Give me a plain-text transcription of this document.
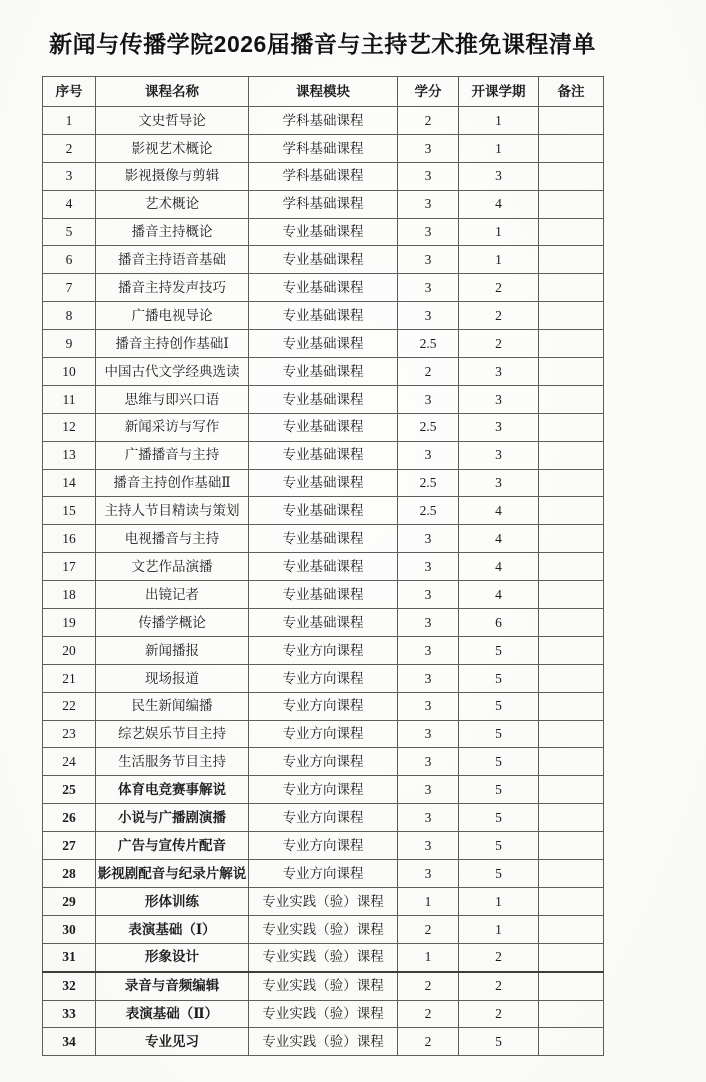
新闻与传播学院2026届播音与主持艺术推免课程清单
序号	课程名称	课程模块	学分	开课学期	备注
1	文史哲导论	学科基础课程	2	1	
2	影视艺术概论	学科基础课程	3	1	
3	影视摄像与剪辑	学科基础课程	3	3	
4	艺术概论	学科基础课程	3	4	
5	播音主持概论	专业基础课程	3	1	
6	播音主持语音基础	专业基础课程	3	1	
7	播音主持发声技巧	专业基础课程	3	2	
8	广播电视导论	专业基础课程	3	2	
9	播音主持创作基础Ⅰ	专业基础课程	2.5	2	
10	中国古代文学经典选读	专业基础课程	2	3	
11	思维与即兴口语	专业基础课程	3	3	
12	新闻采访与写作	专业基础课程	2.5	3	
13	广播播音与主持	专业基础课程	3	3	
14	播音主持创作基础Ⅱ	专业基础课程	2.5	3	
15	主持人节目精读与策划	专业基础课程	2.5	4	
16	电视播音与主持	专业基础课程	3	4	
17	文艺作品演播	专业基础课程	3	4	
18	出镜记者	专业基础课程	3	4	
19	传播学概论	专业基础课程	3	6	
20	新闻播报	专业方向课程	3	5	
21	现场报道	专业方向课程	3	5	
22	民生新闻编播	专业方向课程	3	5	
23	综艺娱乐节目主持	专业方向课程	3	5	
24	生活服务节目主持	专业方向课程	3	5	
25	体育电竞赛事解说	专业方向课程	3	5	
26	小说与广播剧演播	专业方向课程	3	5	
27	广告与宣传片配音	专业方向课程	3	5	
28	影视剧配音与纪录片解说	专业方向课程	3	5	
29	形体训练	专业实践（验）课程	1	1	
30	表演基础（Ⅰ）	专业实践（验）课程	2	1	
31	形象设计	专业实践（验）课程	1	2	
32	录音与音频编辑	专业实践（验）课程	2	2	
33	表演基础（Ⅱ）	专业实践（验）课程	2	2	
34	专业见习	专业实践（验）课程	2	5	
